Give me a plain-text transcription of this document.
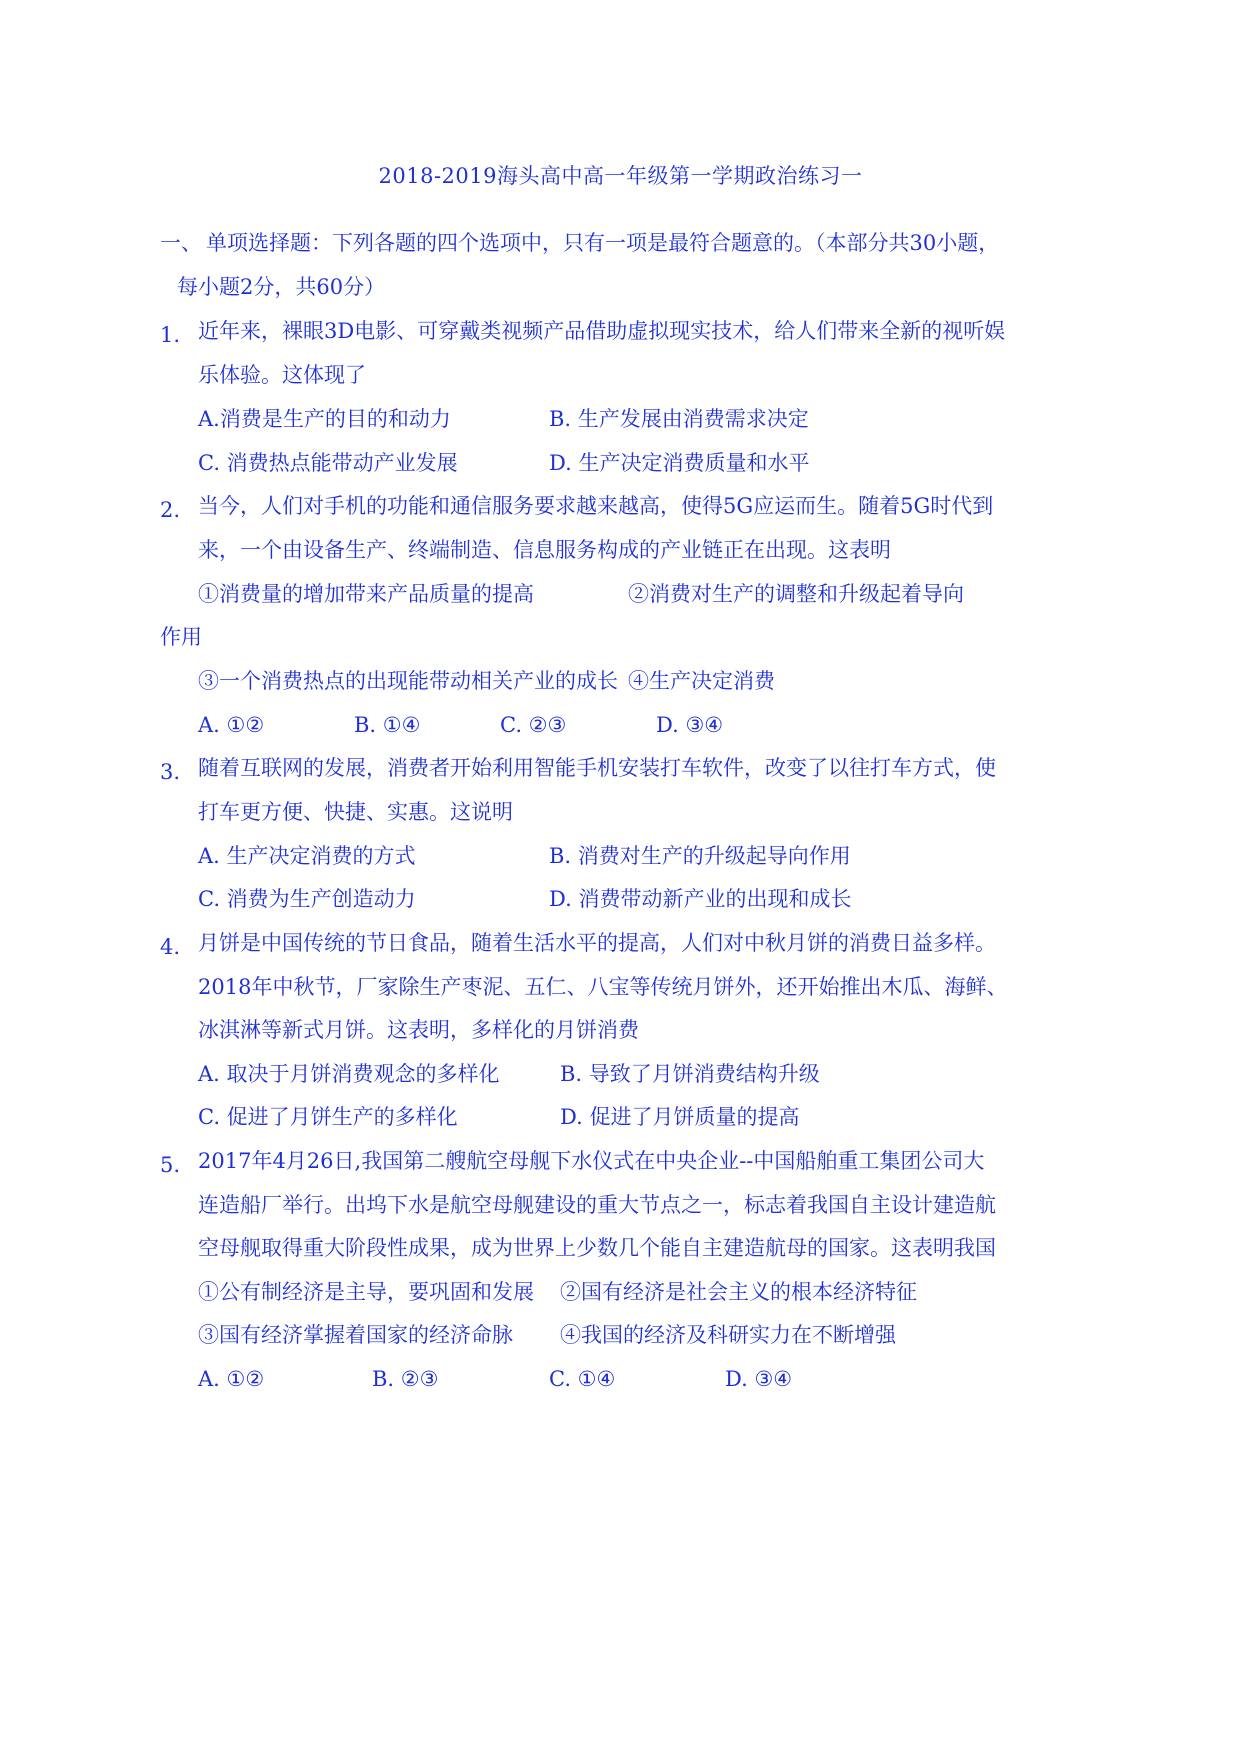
2018-2019海头高中高一年级第一学期政治练习一
一、 单项选择题：下列各题的四个选项中，只有一项是最符合题意的。（本部分共30小题，
每小题2分，共60分）
1. 近年来，裸眼3D电影、可穿戴类视频产品借助虚拟现实技术，给人们带来全新的视听娱
乐体验。这体现了
A.消费是生产的目的和动力	B. 生产发展由消费需求决定
C. 消费热点能带动产业发展	D. 生产决定消费质量和水平
2. 当今，人们对手机的功能和通信服务要求越来越高，使得5G应运而生。随着5G时代到
来，一个由设备生产、终端制造、信息服务构成的产业链正在出现。这表明
①消费量的增加带来产品质量的提高	②消费对生产的调整和升级起着导向
作用
③一个消费热点的出现能带动相关产业的成长 ④生产决定消费
A. ①②	B. ①④	C. ②③	D. ③④
3. 随着互联网的发展，消费者开始利用智能手机安装打车软件，改变了以往打车方式，使
打车更方便、快捷、实惠。这说明
A. 生产决定消费的方式	B. 消费对生产的升级起导向作用
C. 消费为生产创造动力	D. 消费带动新产业的出现和成长
4. 月饼是中国传统的节日食品，随着生活水平的提高，人们对中秋月饼的消费日益多样。
2018年中秋节，厂家除生产枣泥、五仁、八宝等传统月饼外，还开始推出木瓜、海鲜、
冰淇淋等新式月饼。这表明，多样化的月饼消费
A. 取决于月饼消费观念的多样化	B. 导致了月饼消费结构升级
C. 促进了月饼生产的多样化	D. 促进了月饼质量的提高
5. 2017年4月26日,我国第二艘航空母舰下水仪式在中央企业--中国船舶重工集团公司大
连造船厂举行。出坞下水是航空母舰建设的重大节点之一，标志着我国自主设计建造航
空母舰取得重大阶段性成果，成为世界上少数几个能自主建造航母的国家。这表明我国
①公有制经济是主导，要巩固和发展 ②国有经济是社会主义的根本经济特征
③国有经济掌握着国家的经济命脉 ④我国的经济及科研实力在不断增强
A. ①②	B. ②③	C. ①④	D. ③④
